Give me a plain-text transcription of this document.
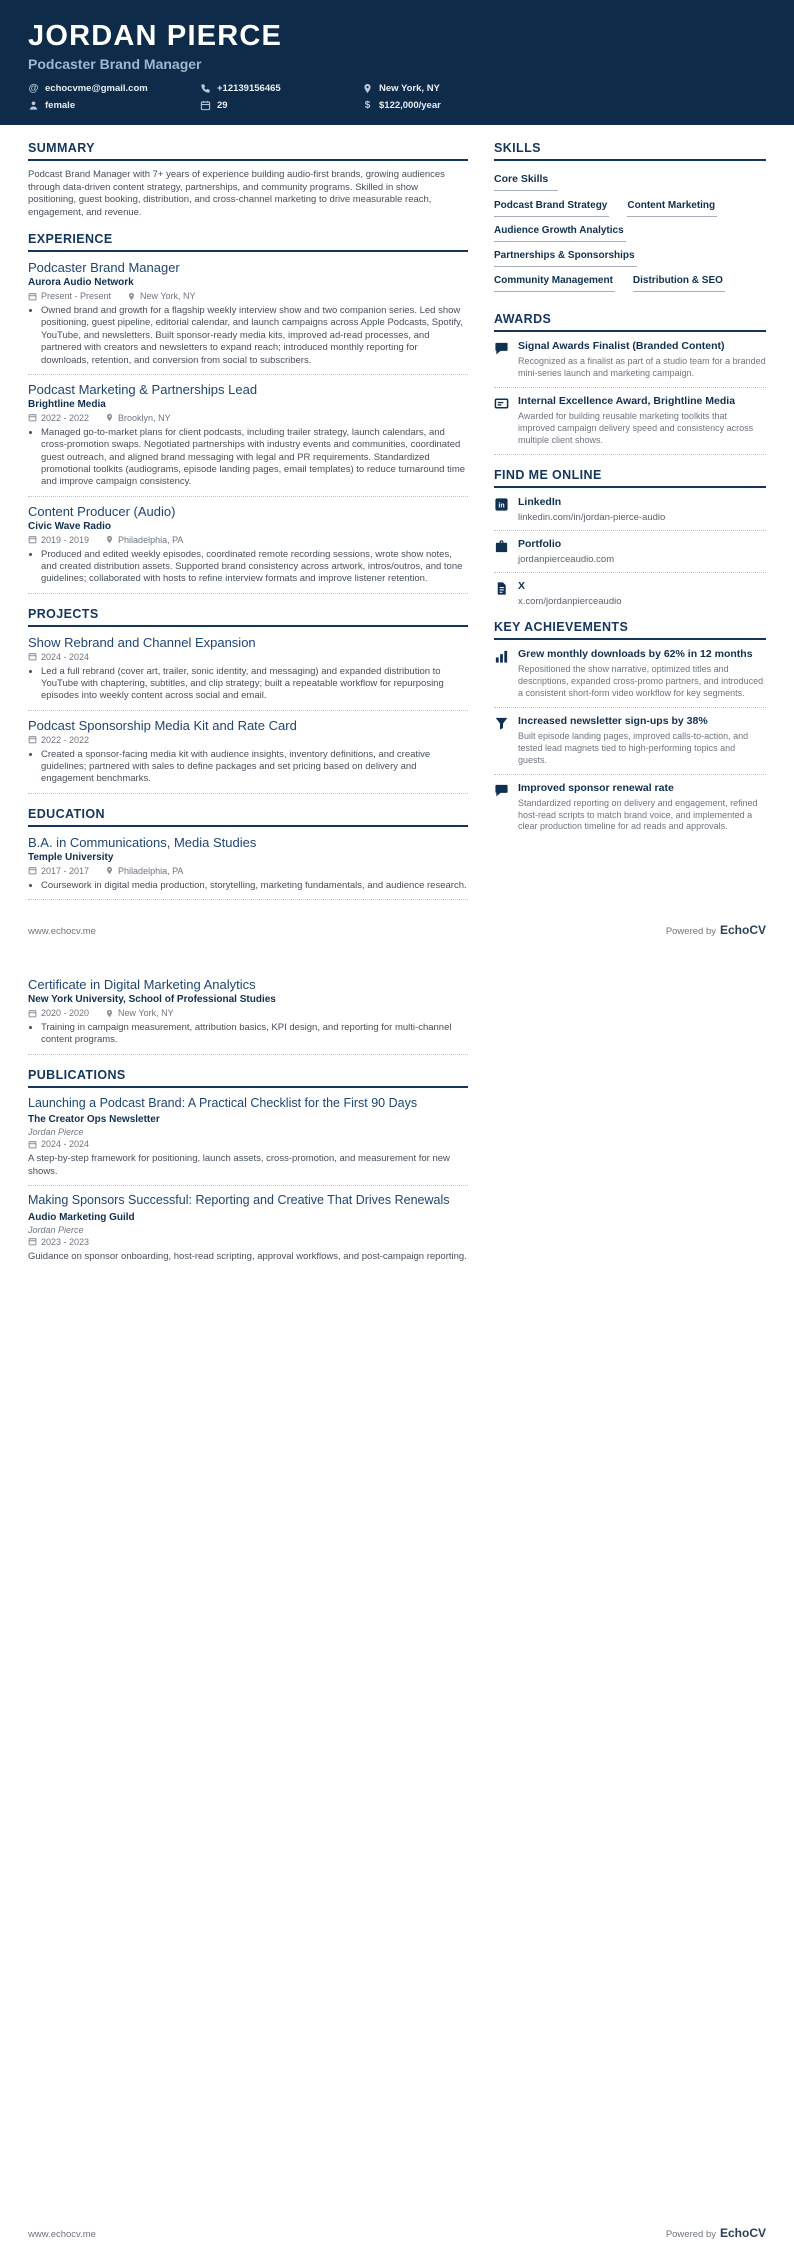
JORDAN PIERCE
Podcaster Brand Manager
@ echocvme@gmail.com	+12139156465	New York, NY
female	29	$ $122,000/year
SUMMARY

Podcast Brand Manager with 7+ years of experience building audio-first brands, growing audiences through data-driven content strategy, partnerships, and community programs. Skilled in show positioning, guest booking, distribution, and cross-channel marketing to drive measurable reach, engagement, and revenue.

EXPERIENCE
Podcaster Brand Manager
Aurora Audio Network
Present - Present	New York, NY
• Owned brand and growth for a flagship weekly interview show and two companion series. Led show positioning, guest pipeline, editorial calendar, and launch campaigns across Apple Podcasts, Spotify, YouTube, and newsletters. Built sponsor-ready media kits, improved ad-read processes, and partnered with creators and newsletters to expand reach; introduced monthly reporting for downloads, retention, and conversion from social to subscribers.
Podcast Marketing & Partnerships Lead
Brightline Media
2022 - 2022	Brooklyn, NY
• Managed go-to-market plans for client podcasts, including trailer strategy, launch calendars, and cross-promotion swaps. Negotiated partnerships with industry events and communities, coordinated guest outreach, and aligned brand messaging with legal and PR requirements. Standardized promotional toolkits (audiograms, episode landing pages, email templates) to reduce turnaround time and improve campaign consistency.
Content Producer (Audio)
Civic Wave Radio
2019 - 2019	Philadelphia, PA
• Produced and edited weekly episodes, coordinated remote recording sessions, wrote show notes, and created distribution assets. Supported brand consistency across artwork, intros/outros, and tone guidelines; collaborated with hosts to refine interview formats and improve listener retention.
PROJECTS
Show Rebrand and Channel Expansion
2024 - 2024
• Led a full rebrand (cover art, trailer, sonic identity, and messaging) and expanded distribution to YouTube with chaptering, subtitles, and clip strategy; built a repeatable workflow for repurposing episodes into weekly content across social and email.
Podcast Sponsorship Media Kit and Rate Card
2022 - 2022
• Created a sponsor-facing media kit with audience insights, inventory definitions, and creative guidelines; partnered with sales to define packages and set pricing based on delivery and engagement benchmarks.
EDUCATION
B.A. in Communications, Media Studies
Temple University
2017 - 2017	Philadelphia, PA
• Coursework in digital media production, storytelling, marketing fundamentals, and audience research.
SKILLS
Core Skills
Podcast Brand Strategy Content Marketing
Audience Growth Analytics
Partnerships & Sponsorships
Community Management Distribution & SEO
AWARDS
Signal Awards Finalist (Branded Content)
Recognized as a finalist as part of a studio team for a branded mini-series launch and marketing campaign.
Internal Excellence Award, Brightline Media
Awarded for building reusable marketing toolkits that improved campaign delivery speed and consistency across multiple client shows.
FIND ME ONLINE
in LinkedIn
linkedin.com/in/jordan-pierce-audio
Portfolio
jordanpierceaudio.com
X
x.com/jordanpierceaudio
KEY ACHIEVEMENTS
Grew monthly downloads by 62% in 12 months
Repositioned the show narrative, optimized titles and descriptions, expanded cross-promo partners, and introduced a consistent short-form video workflow for key segments.
Increased newsletter sign-ups by 38%
Built episode landing pages, improved calls-to-action, and tested lead magnets tied to high-performing topics and guests.
Improved sponsor renewal rate
Standardized reporting on delivery and engagement, refined host-read scripts to match brand voice, and implemented a clear production timeline for ad reads and approvals.
www.echocv.me	Powered by EchoCV
Certificate in Digital Marketing Analytics
New York University, School of Professional Studies
2020 - 2020	New York, NY
• Training in campaign measurement, attribution basics, KPI design, and reporting for multi-channel content programs.
PUBLICATIONS
Launching a Podcast Brand: A Practical Checklist for the First 90 Days
The Creator Ops Newsletter
Jordan Pierce
2024 - 2024
A step-by-step framework for positioning, launch assets, cross-promotion, and measurement for new shows.
Making Sponsors Successful: Reporting and Creative That Drives Renewals
Audio Marketing Guild
Jordan Pierce
2023 - 2023
Guidance on sponsor onboarding, host-read scripting, approval workflows, and post-campaign reporting.
www.echocv.me	Powered by EchoCV
